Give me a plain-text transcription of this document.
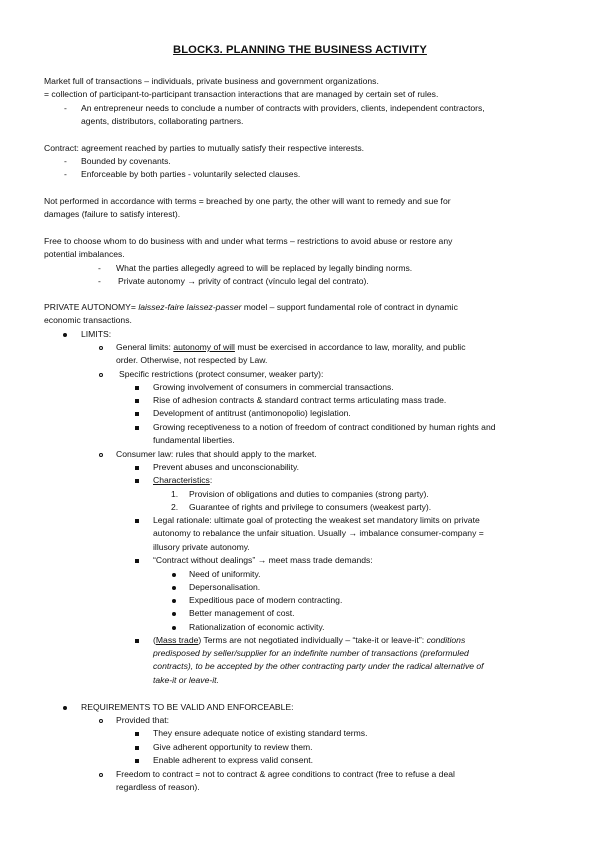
BLOCK3. PLANNING THE BUSINESS ACTIVITY
Market full of transactions – individuals, private business and government organizations.
= collection of participant-to-participant transaction interactions that are managed by certain set of rules.
- An entrepreneur needs to conclude a number of contracts with providers, clients, independent contractors,
agents, distributors, collaborating partners.
Contract: agreement reached by parties to mutually satisfy their respective interests.
- Bounded by covenants.
- Enforceable by both parties - voluntarily selected clauses.
Not performed in accordance with terms = breached by one party, the other will want to remedy and sue for
damages (failure to satisfy interest).
Free to choose whom to do business with and under what terms – restrictions to avoid abuse or restore any
potential imbalances.
- What the parties allegedly agreed to will be replaced by legally binding norms.
- Private autonomy → privity of contract (vínculo legal del contrato).
PRIVATE AUTONOMY= laissez-faire laissez-passer model – support fundamental role of contract in dynamic
economic transactions.
LIMITS:
General limits: autonomy of will must be exercised in accordance to law, morality, and public
order. Otherwise, not respected by Law.
Specific restrictions (protect consumer, weaker party):
Growing involvement of consumers in commercial transactions.
Rise of adhesion contracts & standard contract terms articulating mass trade.
Development of antitrust (antimonopolio) legislation.
Growing receptiveness to a notion of freedom of contract conditioned by human rights and
fundamental liberties.
Consumer law: rules that should apply to the market.
Prevent abuses and unconscionability.
Characteristics:
1. Provision of obligations and duties to companies (strong party).
2. Guarantee of rights and privilege to consumers (weakest party).
Legal rationale: ultimate goal of protecting the weakest set mandatory limits on private
autonomy to rebalance the unfair situation. Usually → imbalance consumer-company =
illusory private autonomy.
“Contract without dealings” → meet mass trade demands:
Need of uniformity.
Depersonalisation.
Expeditious pace of modern contracting.
Better management of cost.
Rationalization of economic activity.
(Mass trade) Terms are not negotiated individually – “take-it or leave-it”: conditions
predisposed by seller/supplier for an indefinite number of transactions (preformuled
contracts), to be accepted by the other contracting party under the radical alternative of
take-it or leave-it.
REQUIREMENTS TO BE VALID AND ENFORCEABLE:
Provided that:
They ensure adequate notice of existing standard terms.
Give adherent opportunity to review them.
Enable adherent to express valid consent.
Freedom to contract = not to contract & agree conditions to contract (free to refuse a deal
regardless of reason).
